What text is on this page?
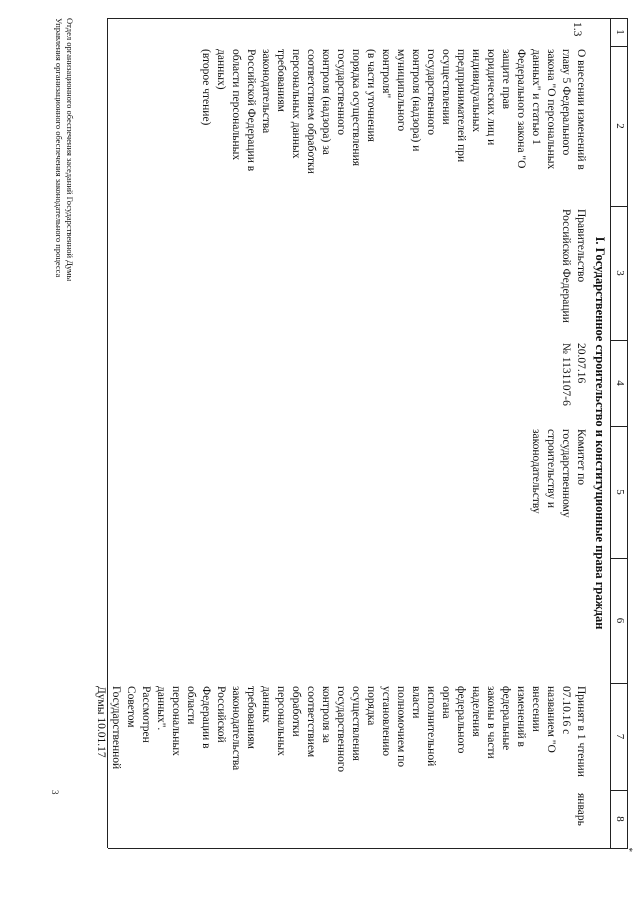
1
2
3
4
5
6
7
8
I. Государственное строительство и конституционные права граждан
1.3
О внесении изменений в
главу 5 Федерального
закона "О персональных
данных" и статью 1
Федерального закона "О
защите прав
юридических лиц и
индивидуальных
предпринимателей при
осуществлении
государственного
контроля (надзора) и
муниципального
контроля"
(в части уточнения
порядка осуществления
государственного
контроля (надзора) за
соответствием обработки
персональных данных
требованиям
законодательства
Российской Федерации в
области персональных
данных)
(второе чтение)
Правительство
Российской Федерации
20.07.16
№ 1131107-6
Комитет по
государственному
строительству и
законодательству
Принят в 1 чтении
07.10.16 с
названием "О
внесении
изменений в
федеральные
законы в части
наделения
федерального
органа
исполнительной
власти
полномочием по
установлению
порядка
осуществления
государственного
контроля за
соответствием
обработки
персональных
данных
требованиям
законодательства
Российской
Федерации в
области
персональных
данных".
Рассмотрен
Советом
Государственной
Думы 10.01.17
январь
*
Отдел организационного обеспечения заседаний Государственной Думы
Управления организационного обеспечения законодательного процесса
3
